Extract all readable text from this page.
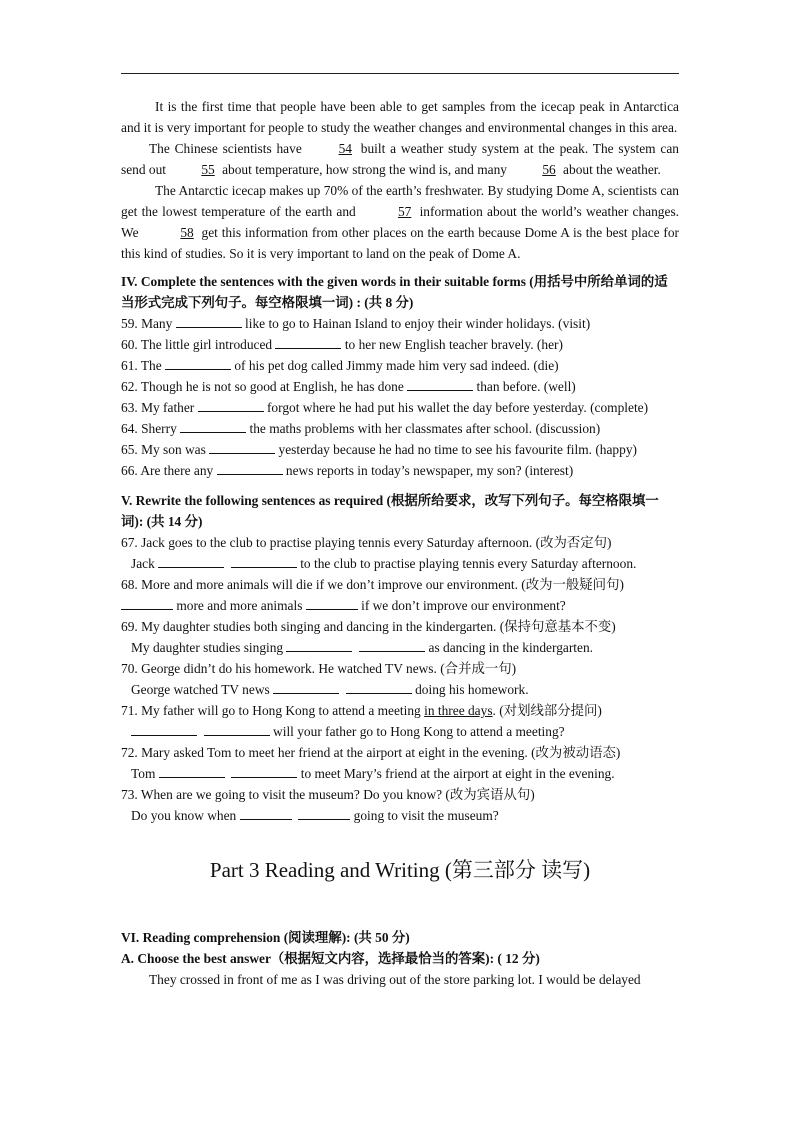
It is the first time that people have been able to get samples from the icecap peak in Antarctica and it is very important for people to study the weather changes and environmental changes in this area.

The Chinese scientists have 54 built a weather study system at the peak. The system can send out 55 about temperature, how strong the wind is, and many 56 about the weather.

The Antarctic icecap makes up 70% of the earth’s freshwater. By studying Dome A, scientists can get the lowest temperature of the earth and	57 information about the world’s weather changes. We	58 get this information from other places on the earth because Dome A is the best place for this kind of studies. So it is very important to land on the peak of Dome A.

IV. Complete the sentences with the given words in their suitable forms (用括号中所给单词的适当形式完成下列句子。每空格限填一词) : (共 8 分)
59. Many	like to go to Hainan Island to enjoy their winder holidays. (visit)
60. The little girl introduced	to her new English teacher bravely. (her)
61. The	of his pet dog called Jimmy made him very sad indeed. (die)
62. Though he is not so good at English, he has done	than before. (well)
63. My father	forgot where he had put his wallet the day before yesterday. (complete)
64. Sherry	the maths problems with her classmates after school. (discussion)
65. My son was	yesterday because he had no time to see his favourite film. (happy)
66. Are there any	news reports in today’s newspaper, my son? (interest)
V. Rewrite the following sentences as required (根据所给要求，改写下列句子。每空格限填一词): (共 14 分)
67. Jack goes to the club to practise playing tennis every Saturday afternoon. (改为否定句)
Jack	to the club to practise playing tennis every Saturday afternoon.
68. More and more animals will die if we don’t improve our environment. (改为一般疑问句)
more and more animals	if we don’t improve our environment?
69. My daughter studies both singing and dancing in the kindergarten. (保持句意基本不变)
My daughter studies singing	as dancing in the kindergarten.
70. George didn’t do his homework. He watched TV news. (合并成一句)
George watched TV news	doing his homework.
71. My father will go to Hong Kong to attend a meeting in three days. (对划线部分提问)
will your father go to Hong Kong to attend a meeting?
72. Mary asked Tom to meet her friend at the airport at eight in the evening. (改为被动语态)
Tom	to meet Mary’s friend at the airport at eight in the evening.
73. When are we going to visit the museum? Do you know? (改为宾语从句)
Do you know when	going to visit the museum?
Part 3 Reading and Writing (第三部分 读写)
VI. Reading comprehension (阅读理解): (共 50 分)
A. Choose the best answer（根据短文内容，选择最恰当的答案): ( 12 分)

They crossed in front of me as I was driving out of the store parking lot. I would be delayed
